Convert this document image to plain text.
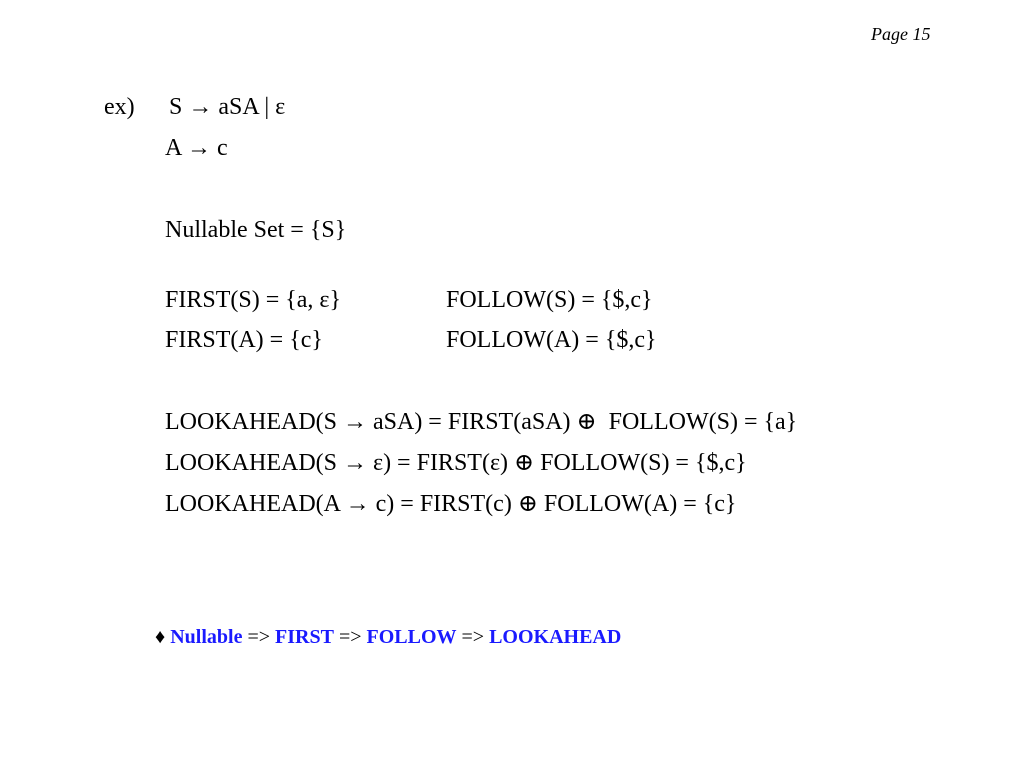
Page 15
ex) S → aSA | ε
A → c
Nullable Set = {S}
FIRST(S) = {a, ε}	FOLLOW(S) = {$,c}
FIRST(A) = {c}	FOLLOW(A) = {$,c}
LOOKAHEAD(S → aSA) = FIRST(aSA) ⊕  FOLLOW(S) = {a}
LOOKAHEAD(S → ε) = FIRST(ε) ⊕ FOLLOW(S) = {$,c}
LOOKAHEAD(A → c) = FIRST(c) ⊕ FOLLOW(A) = {c}
♦ Nullable => FIRST => FOLLOW => LOOKAHEAD
